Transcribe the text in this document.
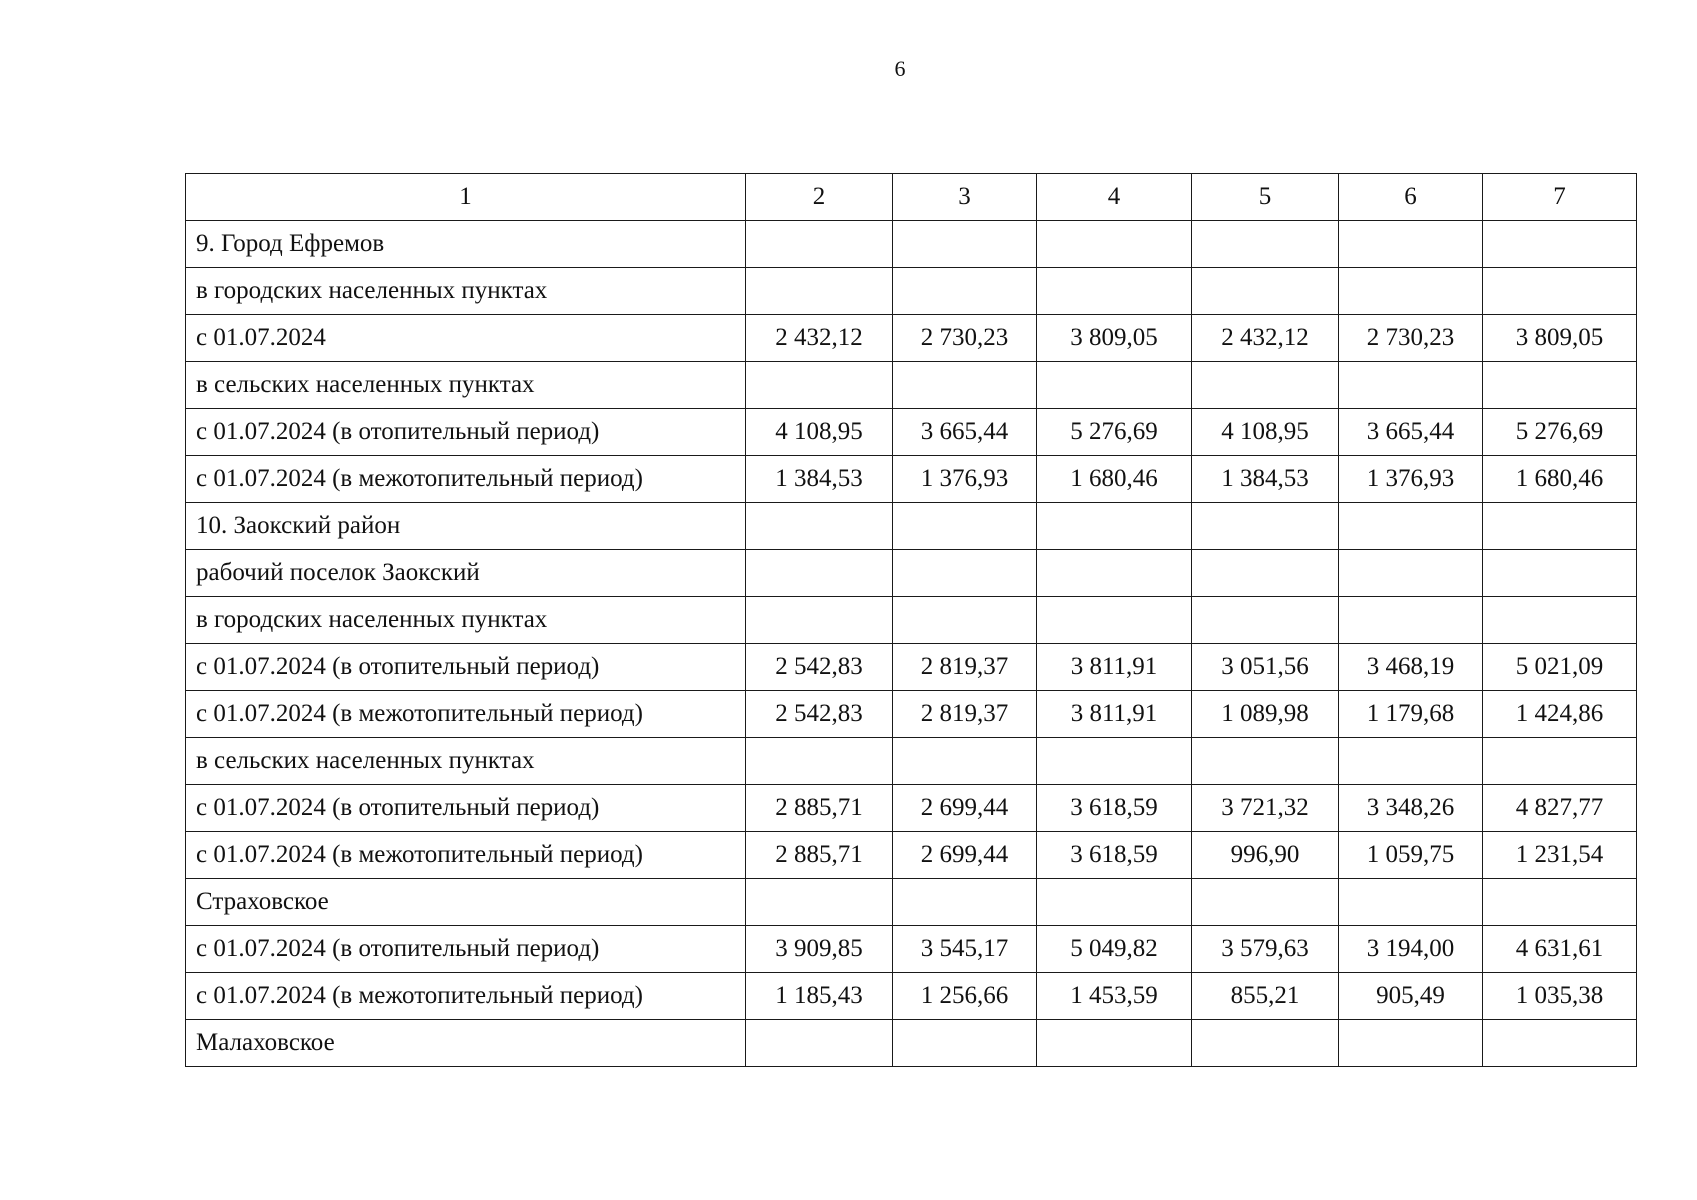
6
1	2	3	4	5	6	7
9. Город Ефремов						
в городских населенных пунктах						
с 01.07.2024	2 432,12	2 730,23	3 809,05	2 432,12	2 730,23	3 809,05
в сельских населенных пунктах						
с 01.07.2024 (в отопительный период)	4 108,95	3 665,44	5 276,69	4 108,95	3 665,44	5 276,69
с 01.07.2024 (в межотопительный период)	1 384,53	1 376,93	1 680,46	1 384,53	1 376,93	1 680,46
10. Заокский район						
рабочий поселок Заокский						
в городских населенных пунктах						
с 01.07.2024 (в отопительный период)	2 542,83	2 819,37	3 811,91	3 051,56	3 468,19	5 021,09
с 01.07.2024 (в межотопительный период)	2 542,83	2 819,37	3 811,91	1 089,98	1 179,68	1 424,86
в сельских населенных пунктах						
с 01.07.2024 (в отопительный период)	2 885,71	2 699,44	3 618,59	3 721,32	3 348,26	4 827,77
с 01.07.2024 (в межотопительный период)	2 885,71	2 699,44	3 618,59	996,90	1 059,75	1 231,54
Страховское						
с 01.07.2024 (в отопительный период)	3 909,85	3 545,17	5 049,82	3 579,63	3 194,00	4 631,61
с 01.07.2024 (в межотопительный период)	1 185,43	1 256,66	1 453,59	855,21	905,49	1 035,38
Малаховское						
